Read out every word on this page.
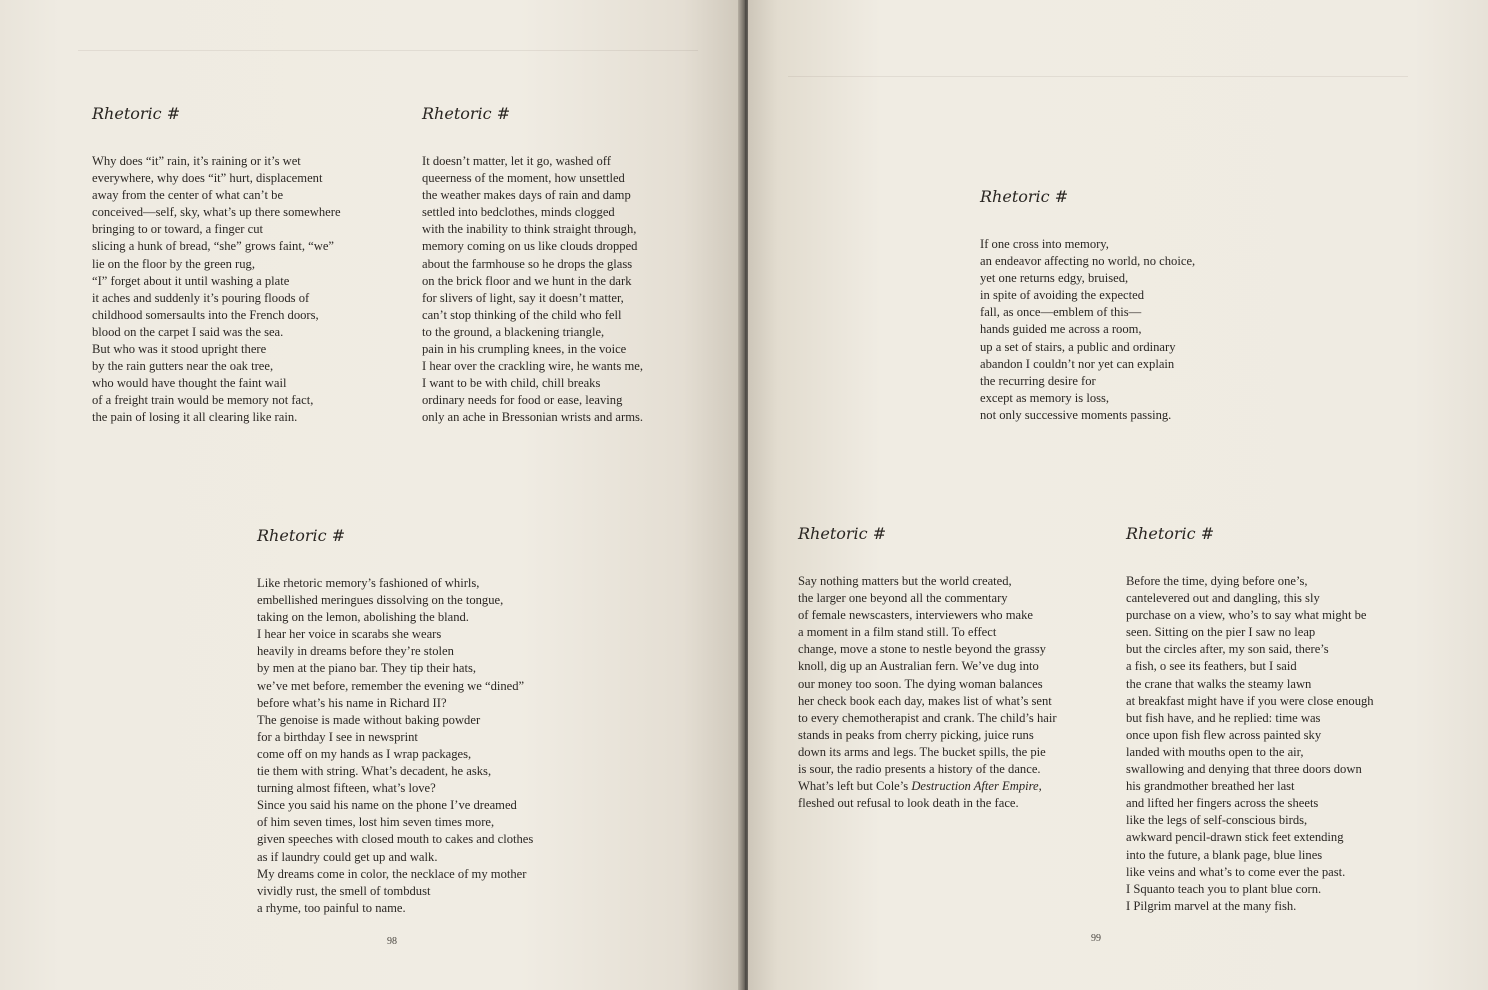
Rhetoric #
Why does “it” rain, it’s raining or it’s wet
everywhere, why does “it” hurt, displacement
away from the center of what can’t be
conceived—self, sky, what’s up there somewhere
bringing to or toward, a finger cut
slicing a hunk of bread, “she” grows faint, “we”
lie on the floor by the green rug,
“I” forget about it until washing a plate
it aches and suddenly it’s pouring floods of
childhood somersaults into the French doors,
blood on the carpet I said was the sea.
But who was it stood upright there
by the rain gutters near the oak tree,
who would have thought the faint wail
of a freight train would be memory not fact,
the pain of losing it all clearing like rain.
Rhetoric #
It doesn’t matter, let it go, washed off
queerness of the moment, how unsettled
the weather makes days of rain and damp
settled into bedclothes, minds clogged
with the inability to think straight through,
memory coming on us like clouds dropped
about the farmhouse so he drops the glass
on the brick floor and we hunt in the dark
for slivers of light, say it doesn’t matter,
can’t stop thinking of the child who fell
to the ground, a blackening triangle,
pain in his crumpling knees, in the voice
I hear over the crackling wire, he wants me,
I want to be with child, chill breaks
ordinary needs for food or ease, leaving
only an ache in Bressonian wrists and arms.
Rhetoric #
Like rhetoric memory’s fashioned of whirls,
embellished meringues dissolving on the tongue,
taking on the lemon, abolishing the bland.
I hear her voice in scarabs she wears
heavily in dreams before they’re stolen
by men at the piano bar. They tip their hats,
we’ve met before, remember the evening we “dined”
before what’s his name in Richard II?
The genoise is made without baking powder
for a birthday I see in newsprint
come off on my hands as I wrap packages,
tie them with string. What’s decadent, he asks,
turning almost fifteen, what’s love?
Since you said his name on the phone I’ve dreamed
of him seven times, lost him seven times more,
given speeches with closed mouth to cakes and clothes
as if laundry could get up and walk.
My dreams come in color, the necklace of my mother
vividly rust, the smell of tombdust
a rhyme, too painful to name.
98
Rhetoric #
If one cross into memory,
an endeavor affecting no world, no choice,
yet one returns edgy, bruised,
in spite of avoiding the expected
fall, as once—emblem of this—
hands guided me across a room,
up a set of stairs, a public and ordinary
abandon I couldn’t nor yet can explain
the recurring desire for
except as memory is loss,
not only successive moments passing.
Rhetoric #
Say nothing matters but the world created,
the larger one beyond all the commentary
of female newscasters, interviewers who make
a moment in a film stand still. To effect
change, move a stone to nestle beyond the grassy
knoll, dig up an Australian fern. We’ve dug into
our money too soon. The dying woman balances
her check book each day, makes list of what’s sent
to every chemotherapist and crank. The child’s hair
stands in peaks from cherry picking, juice runs
down its arms and legs. The bucket spills, the pie
is sour, the radio presents a history of the dance.
What’s left but Cole’s Destruction After Empire,
fleshed out refusal to look death in the face.
Rhetoric #
Before the time, dying before one’s,
cantelevered out and dangling, this sly
purchase on a view, who’s to say what might be
seen. Sitting on the pier I saw no leap
but the circles after, my son said, there’s
a fish, o see its feathers, but I said
the crane that walks the steamy lawn
at breakfast might have if you were close enough
but fish have, and he replied: time was
once upon fish flew across painted sky
landed with mouths open to the air,
swallowing and denying that three doors down
his grandmother breathed her last
and lifted her fingers across the sheets
like the legs of self-conscious birds,
awkward pencil-drawn stick feet extending
into the future, a blank page, blue lines
like veins and what’s to come ever the past.
I Squanto teach you to plant blue corn.
I Pilgrim marvel at the many fish.
99
